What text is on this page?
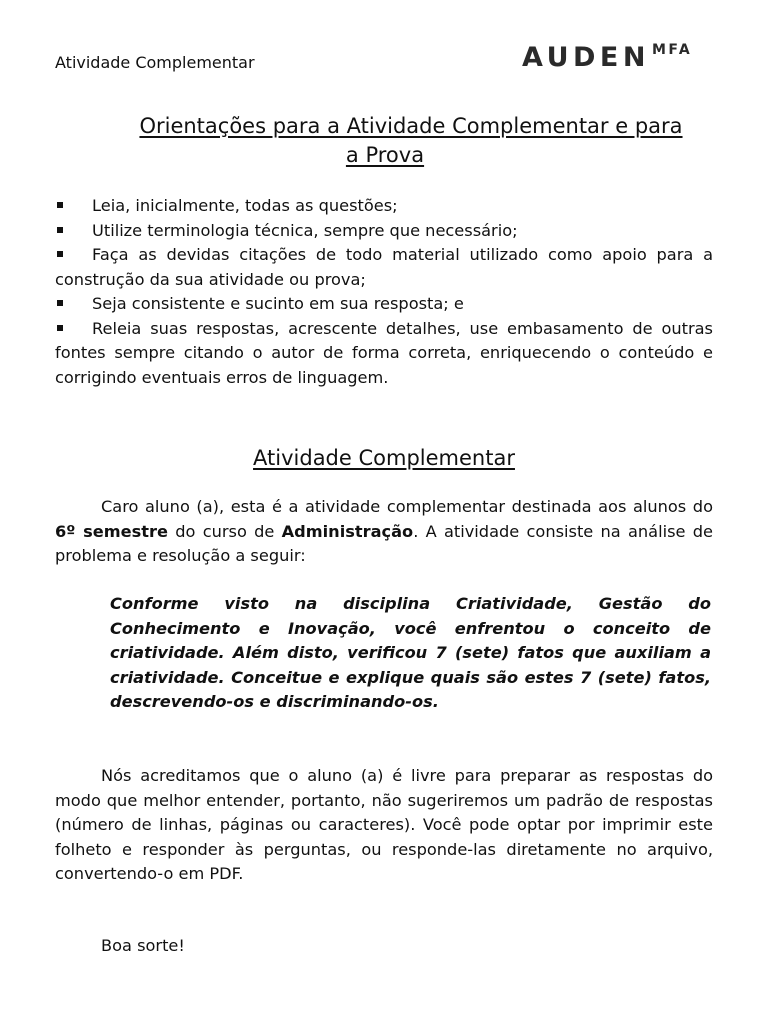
Atividade Complementar	AUDEN MFA
Orientações para a Atividade Complementar e para
a Prova
Leia, inicialmente, todas as questões;
Utilize terminologia técnica, sempre que necessário;
Faça as devidas citações de todo material utilizado como apoio para a construção da sua atividade ou prova;
Seja consistente e sucinto em sua resposta; e
Releia suas respostas, acrescente detalhes, use embasamento de outras fontes sempre citando o autor de forma correta, enriquecendo o conteúdo e corrigindo eventuais erros de linguagem.
Atividade Complementar

Caro aluno (a), esta é a atividade complementar destinada aos alunos do 6º semestre do curso de Administração. A atividade consiste na análise de problema e resolução a seguir:

Conforme visto na disciplina Criatividade, Gestão do Conhecimento e Inovação, você enfrentou o conceito de criatividade. Além disto, verificou 7 (sete) fatos que auxiliam a criatividade. Conceitue e explique quais são estes 7 (sete) fatos, descrevendo-os e discriminando-os.

Nós acreditamos que o aluno (a) é livre para preparar as respostas do modo que melhor entender, portanto, não sugeriremos um padrão de respostas (número de linhas, páginas ou caracteres). Você pode optar por imprimir este folheto e responder às perguntas, ou responde-las diretamente no arquivo, convertendo-o em PDF.

Boa sorte!
